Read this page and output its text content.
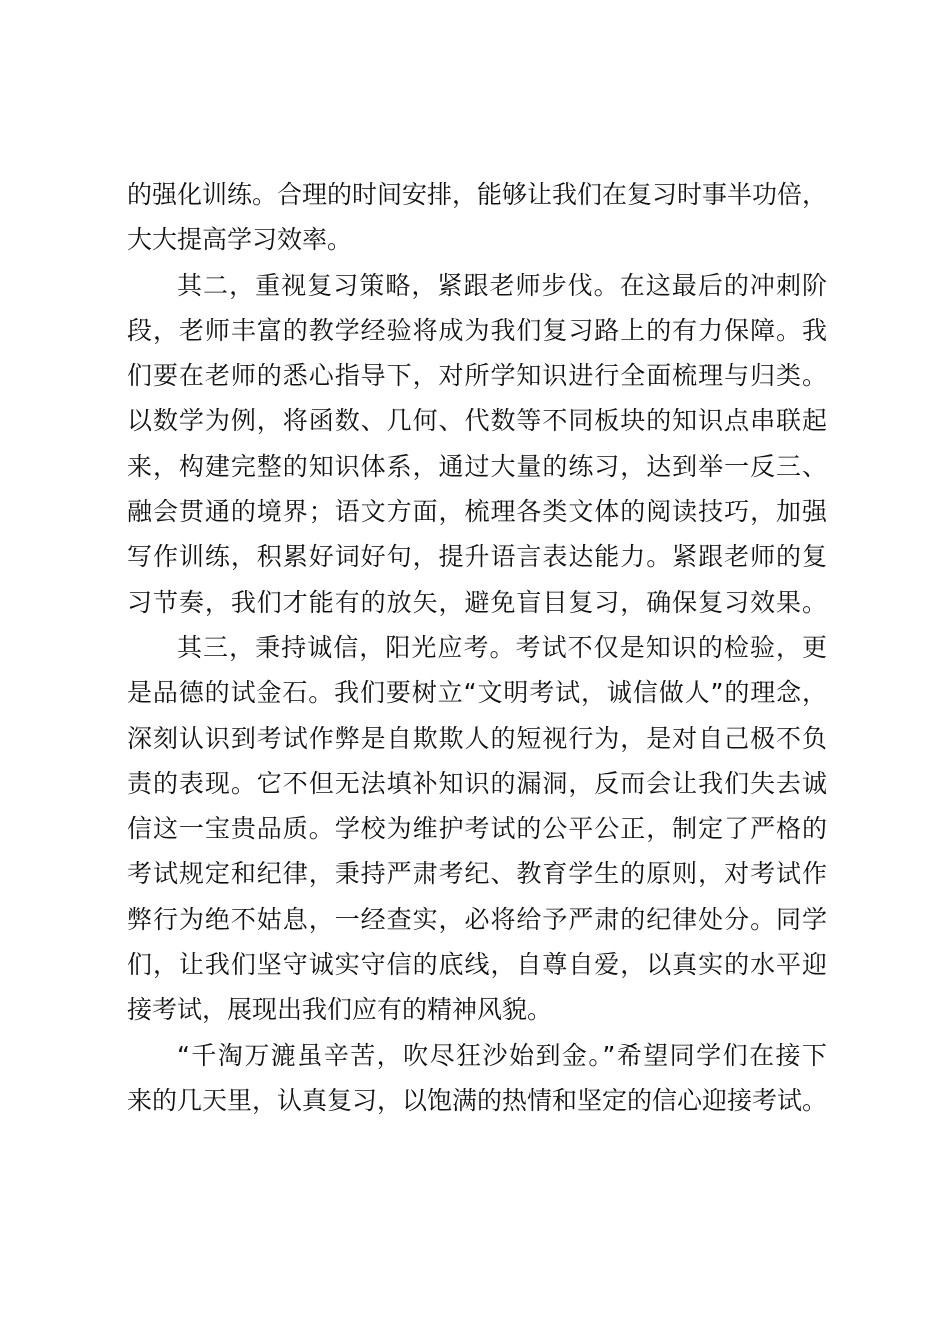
的强化训练。合理的时间安排，能够让我们在复习时事半功倍，
大大提高学习效率。
其二，重视复习策略，紧跟老师步伐。在这最后的冲刺阶
段，老师丰富的教学经验将成为我们复习路上的有力保障。我
们要在老师的悉心指导下，对所学知识进行全面梳理与归类。
以数学为例，将函数、几何、代数等不同板块的知识点串联起
来，构建完整的知识体系，通过大量的练习，达到举一反三、
融会贯通的境界；语文方面，梳理各类文体的阅读技巧，加强
写作训练，积累好词好句，提升语言表达能力。紧跟老师的复
习节奏，我们才能有的放矢，避免盲目复习，确保复习效果。
其三，秉持诚信，阳光应考。考试不仅是知识的检验，更
是品德的试金石。我们要树立“文明考试，诚信做人”的理念，
深刻认识到考试作弊是自欺欺人的短视行为，是对自己极不负
责的表现。它不但无法填补知识的漏洞，反而会让我们失去诚
信这一宝贵品质。学校为维护考试的公平公正，制定了严格的
考试规定和纪律，秉持严肃考纪、教育学生的原则，对考试作
弊行为绝不姑息，一经查实，必将给予严肃的纪律处分。同学
们，让我们坚守诚实守信的底线，自尊自爱，以真实的水平迎
接考试，展现出我们应有的精神风貌。
“千淘万漉虽辛苦，吹尽狂沙始到金。”希望同学们在接下
来的几天里，认真复习，以饱满的热情和坚定的信心迎接考试。
